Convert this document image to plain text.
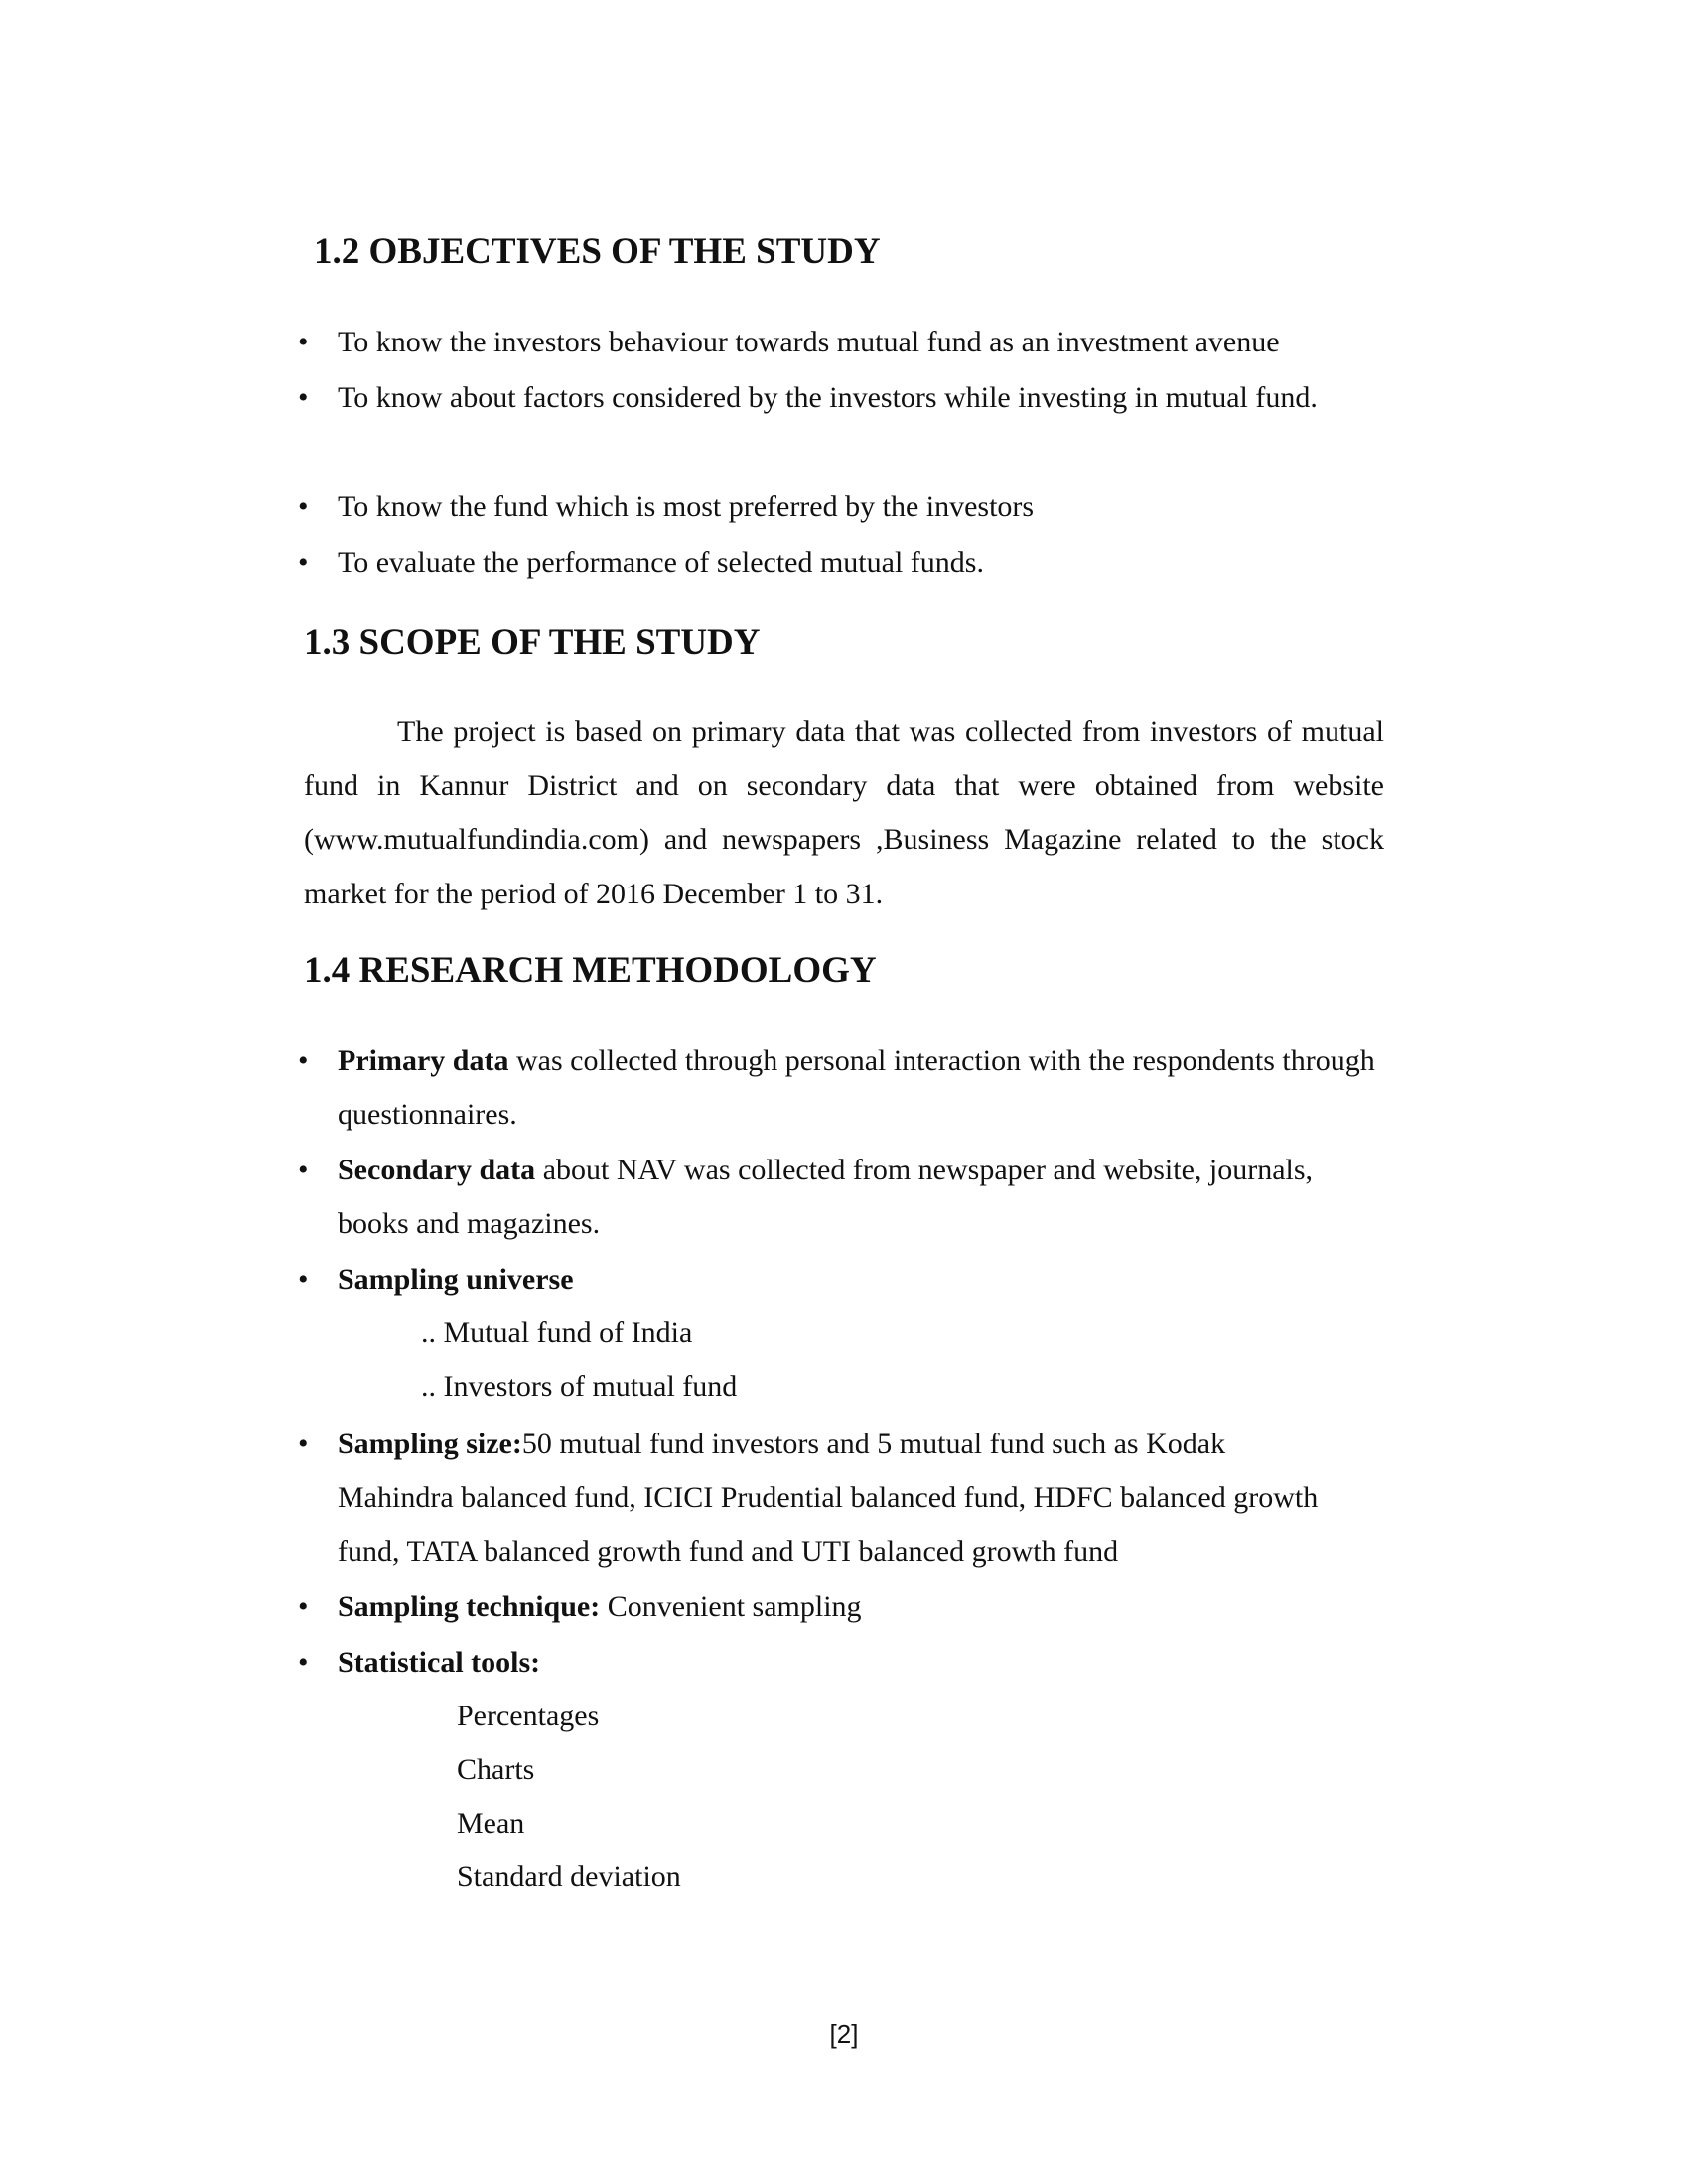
1.2 OBJECTIVES OF THE STUDY
• To know the investors behaviour towards mutual fund as an investment avenue
• To know about factors considered by the investors while investing in mutual fund.
• To know the fund which is most preferred by the investors
• To evaluate the performance of selected mutual funds.
1.3 SCOPE OF THE STUDY

The project is based on primary data that was collected from investors of mutual fund in Kannur District and on secondary data that were obtained from website (www.mutualfundindia.com) and newspapers ,Business Magazine related to the stock market for the period of 2016 December 1 to 31.

1.4 RESEARCH METHODOLOGY
• Primary data was collected through personal interaction with the respondents through questionnaires.
• Secondary data about NAV was collected from newspaper and website, journals, books and magazines.
• Sampling universe
.. Mutual fund of India
.. Investors of mutual fund
• Sampling size:50 mutual fund investors and 5 mutual fund such as Kodak Mahindra balanced fund, ICICI Prudential balanced fund, HDFC balanced growth fund, TATA balanced growth fund and UTI balanced growth fund
• Sampling technique: Convenient sampling
• Statistical tools:
Percentages
Charts
Mean
Standard deviation
[2]
